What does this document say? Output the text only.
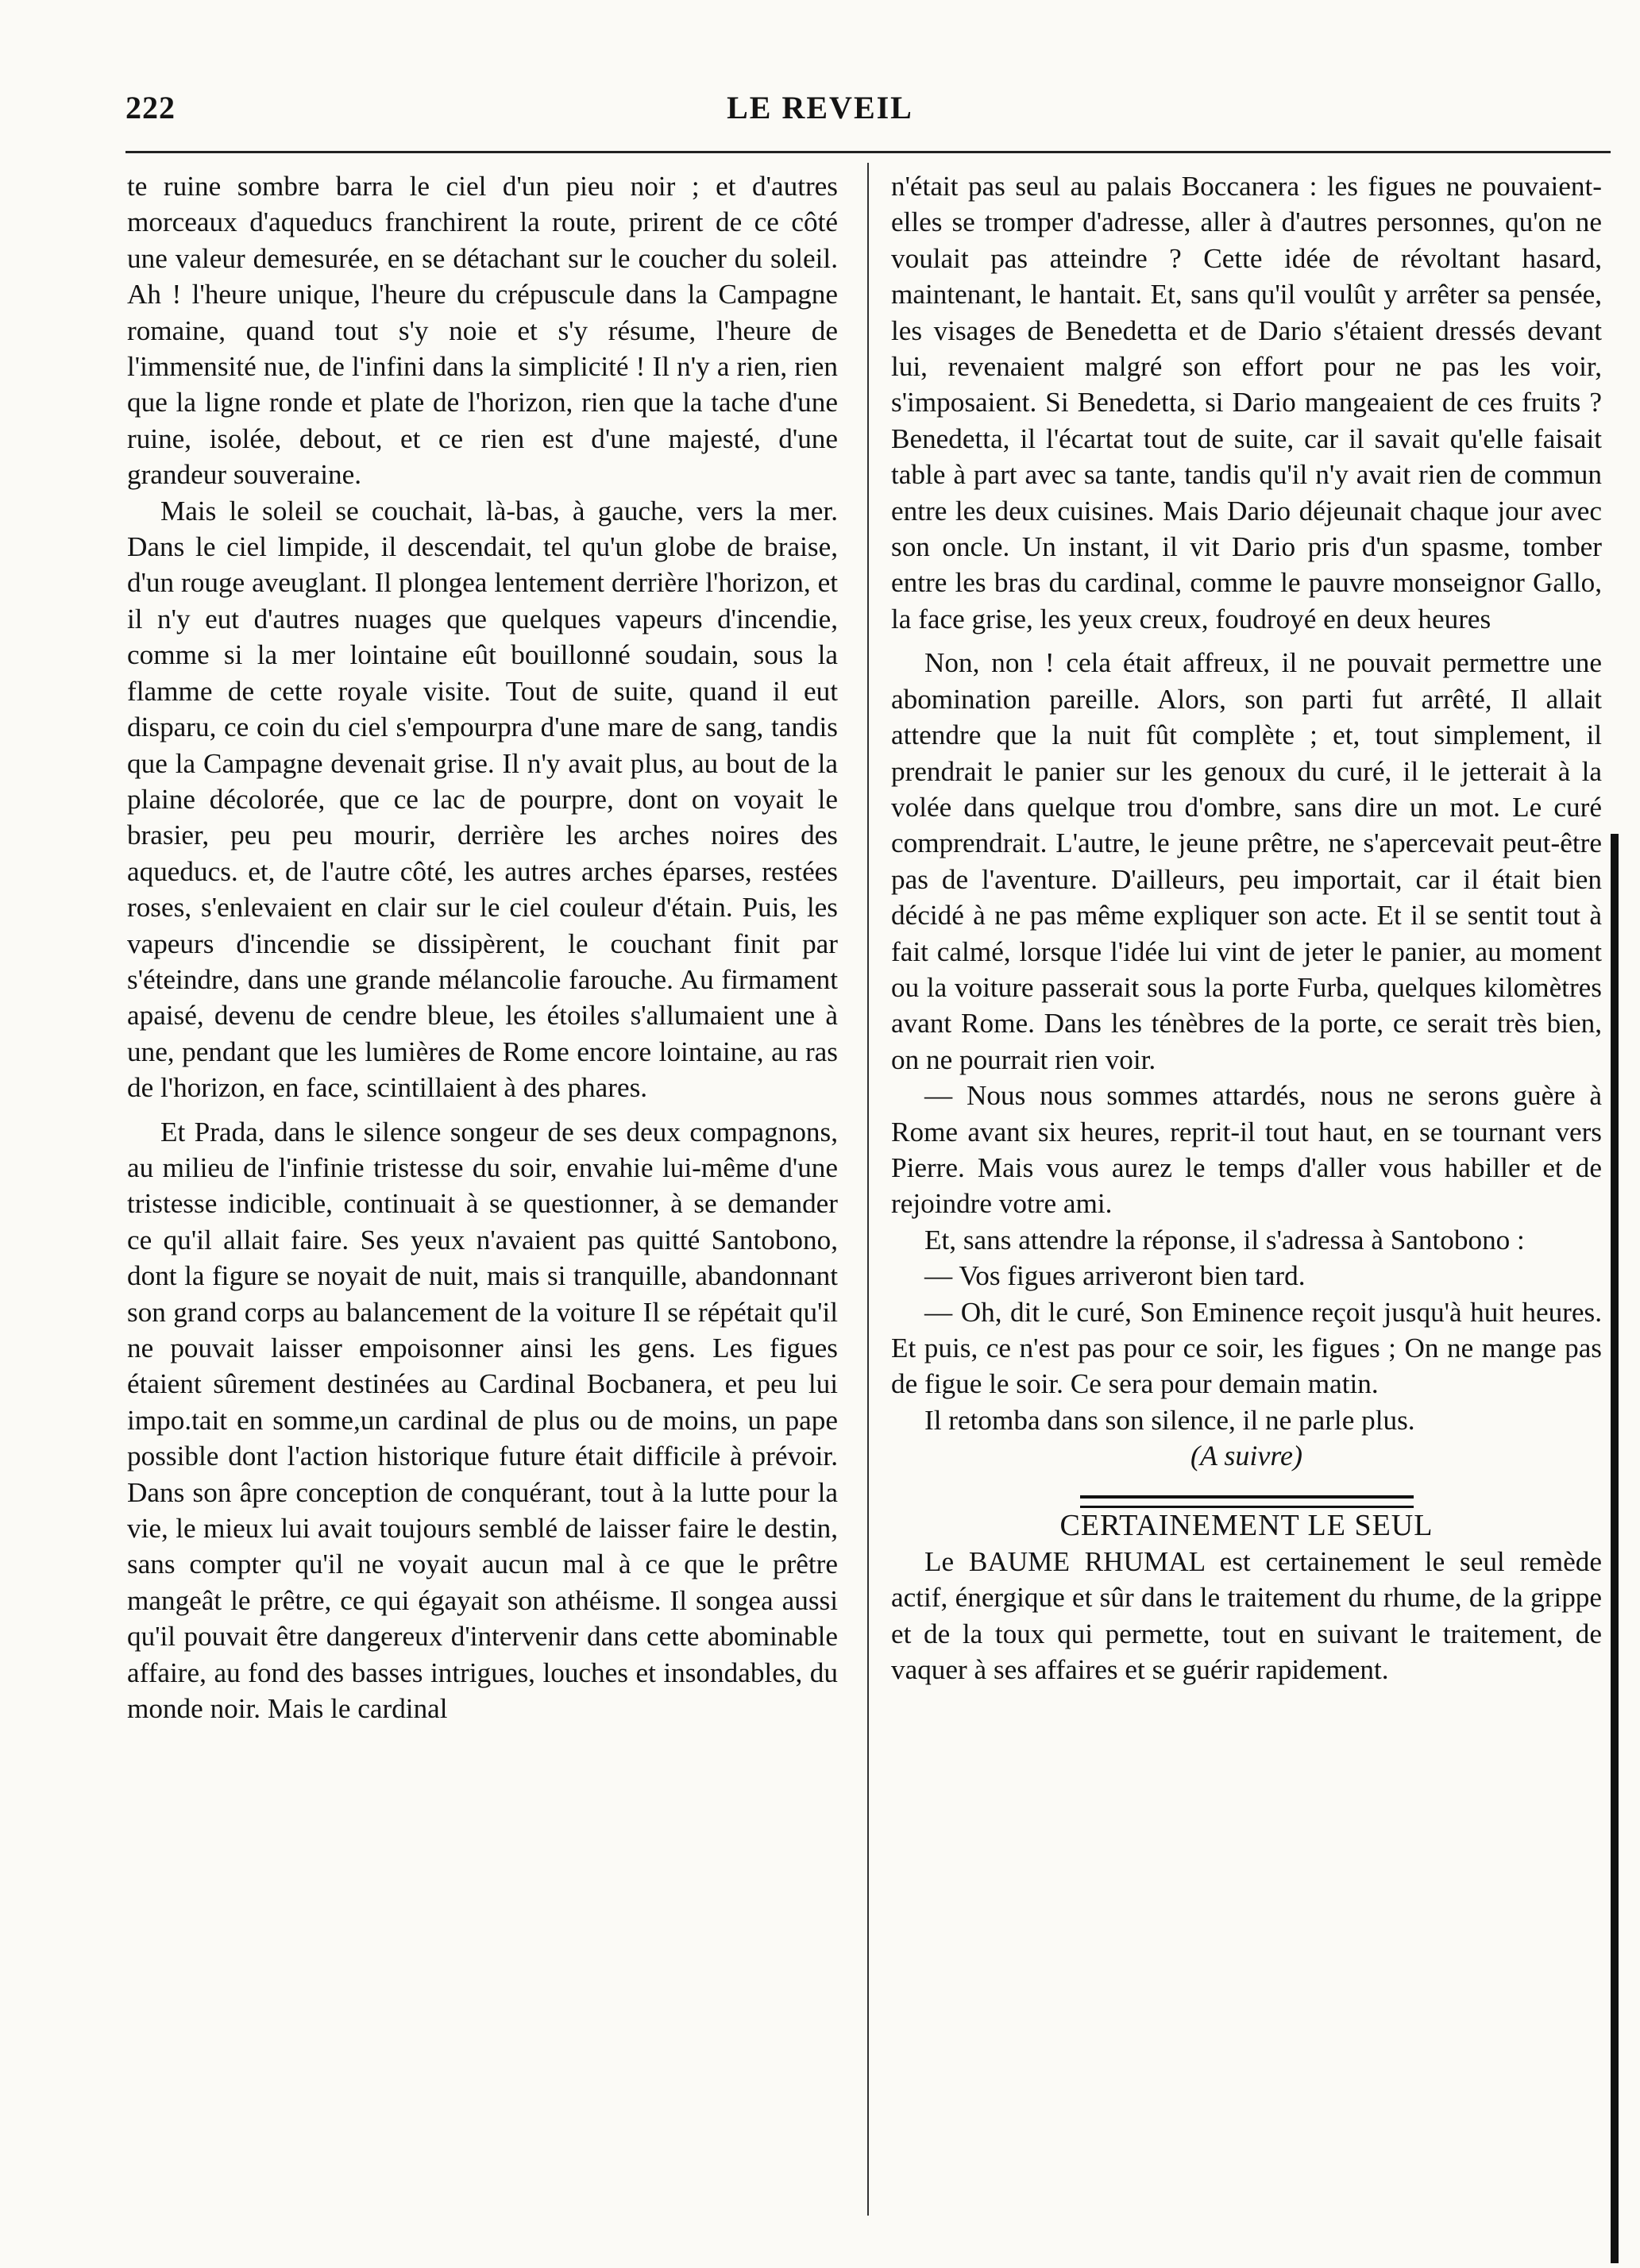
222	LE REVEIL

te ruine sombre barra le ciel d'un pieu noir ; et d'autres morceaux d'aqueducs franchirent la route, prirent de ce côté une valeur demesurée, en se détachant sur le coucher du soleil. Ah ! l'heure unique, l'heure du crépuscule dans la Campagne romaine, quand tout s'y noie et s'y résume, l'heure de l'immensité nue, de l'infini dans la simplicité ! Il n'y a rien, rien que la ligne ronde et plate de l'horizon, rien que la tache d'une ruine, isolée, debout, et ce rien est d'une majesté, d'une grandeur souveraine.

Mais le soleil se couchait, là-bas, à gauche, vers la mer. Dans le ciel limpide, il descendait, tel qu'un globe de braise, d'un rouge aveuglant. Il plongea lentement derrière l'horizon, et il n'y eut d'autres nuages que quelques vapeurs d'incendie, comme si la mer lointaine eût bouillonné soudain, sous la flamme de cette royale visite. Tout de suite, quand il eut disparu, ce coin du ciel s'empourpra d'une mare de sang, tandis que la Campagne devenait grise. Il n'y avait plus, au bout de la plaine décolorée, que ce lac de pourpre, dont on voyait le brasier, peu peu mourir, derrière les arches noires des aqueducs. et, de l'autre côté, les autres arches éparses, restées roses, s'enlevaient en clair sur le ciel couleur d'étain. Puis, les vapeurs d'incendie se dissipèrent, le couchant finit par s'éteindre, dans une grande mélancolie farouche. Au firmament apaisé, devenu de cendre bleue, les étoiles s'allumaient une à une, pendant que les lumières de Rome encore lointaine, au ras de l'horizon, en face, scintillaient à des phares.

Et Prada, dans le silence songeur de ses deux compagnons, au milieu de l'infinie tristesse du soir, envahie lui-même d'une tristesse indicible, continuait à se questionner, à se demander ce qu'il allait faire. Ses yeux n'avaient pas quitté Santobono, dont la figure se noyait de nuit, mais si tranquille, abandonnant son grand corps au balancement de la voiture Il se répétait qu'il ne pouvait laisser empoisonner ainsi les gens. Les figues étaient sûrement destinées au Cardinal Bocbanera, et peu lui impo.tait en somme,un cardinal de plus ou de moins, un pape possible dont l'action historique future était difficile à prévoir. Dans son âpre conception de conquérant, tout à la lutte pour la vie, le mieux lui avait toujours semblé de laisser faire le destin, sans compter qu'il ne voyait aucun mal à ce que le prêtre mangeât le prêtre, ce qui égayait son athéisme. Il songea aussi qu'il pouvait être dangereux d'intervenir dans cette abominable affaire, au fond des basses intrigues, louches et insondables, du monde noir. Mais le cardinal

n'était pas seul au palais Boccanera : les figues ne pouvaient-elles se tromper d'adresse, aller à d'autres personnes, qu'on ne voulait pas atteindre ? Cette idée de révoltant hasard, maintenant, le hantait. Et, sans qu'il voulût y arrêter sa pensée, les visages de Benedetta et de Dario s'étaient dressés devant lui, revenaient malgré son effort pour ne pas les voir, s'imposaient. Si Benedetta, si Dario mangeaient de ces fruits ? Benedetta, il l'écartat tout de suite, car il savait qu'elle faisait table à part avec sa tante, tandis qu'il n'y avait rien de commun entre les deux cuisines. Mais Dario déjeunait chaque jour avec son oncle. Un instant, il vit Dario pris d'un spasme, tomber entre les bras du cardinal, comme le pauvre monseignor Gallo, la face grise, les yeux creux, foudroyé en deux heures

Non, non ! cela était affreux, il ne pouvait permettre une abomination pareille. Alors, son parti fut arrêté, Il allait attendre que la nuit fût complète ; et, tout simplement, il prendrait le panier sur les genoux du curé, il le jetterait à la volée dans quelque trou d'ombre, sans dire un mot. Le curé comprendrait. L'autre, le jeune prêtre, ne s'apercevait peut-être pas de l'aventure. D'ailleurs, peu importait, car il était bien décidé à ne pas même expliquer son acte. Et il se sentit tout à fait calmé, lorsque l'idée lui vint de jeter le panier, au moment ou la voiture passerait sous la porte Furba, quelques kilomètres avant Rome. Dans les ténèbres de la porte, ce serait très bien, on ne pourrait rien voir.

— Nous nous sommes attardés, nous ne serons guère à Rome avant six heures, reprit-il tout haut, en se tournant vers Pierre. Mais vous aurez le temps d'aller vous habiller et de rejoindre votre ami.

Et, sans attendre la réponse, il s'adressa à Santobono :

— Vos figues arriveront bien tard.

— Oh, dit le curé, Son Eminence reçoit jusqu'à huit heures. Et puis, ce n'est pas pour ce soir, les figues ; On ne mange pas de figue le soir. Ce sera pour demain matin.

Il retomba dans son silence, il ne parle plus.

(A suivre)

CERTAINEMENT LE SEUL

Le BAUME RHUMAL est certainement le seul remède actif, énergique et sûr dans le traitement du rhume, de la grippe et de la toux qui permette, tout en suivant le traitement, de vaquer à ses affaires et se guérir rapidement.
